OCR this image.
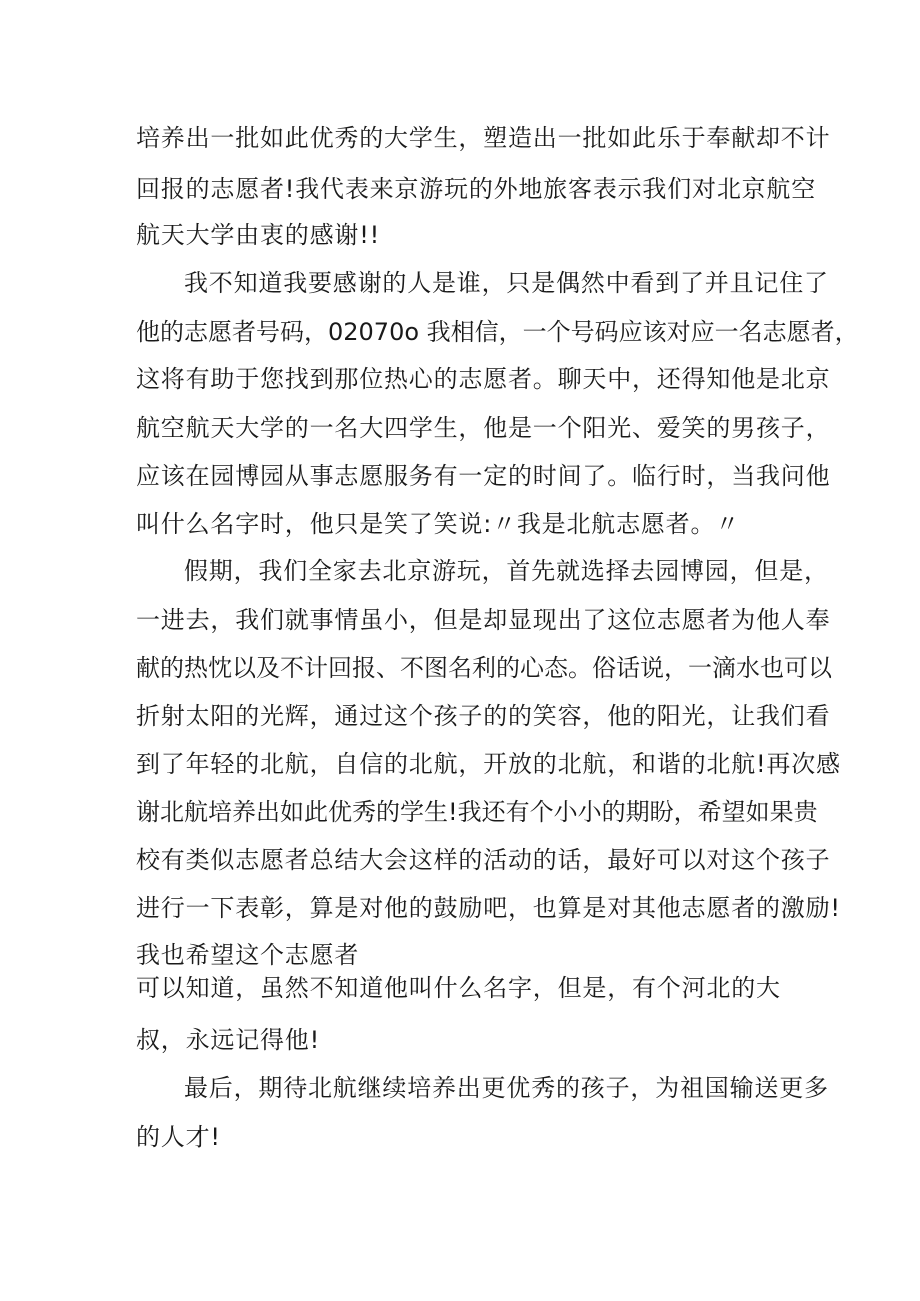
培养出一批如此优秀的大学生，塑造出一批如此乐于奉献却不计
回报的志愿者!我代表来京游玩的外地旅客表示我们对北京航空
航天大学由衷的感谢!!
我不知道我要感谢的人是谁，只是偶然中看到了并且记住了
他的志愿者号码，02070o 我相信，一个号码应该对应一名志愿者，
这将有助于您找到那位热心的志愿者。聊天中，还得知他是北京
航空航天大学的一名大四学生，他是一个阳光、爱笑的男孩子，
应该在园博园从事志愿服务有一定的时间了。临行时，当我问他
叫什么名字时，他只是笑了笑说:〃我是北航志愿者。〃
假期，我们全家去北京游玩，首先就选择去园博园，但是，
一进去，我们就事情虽小，但是却显现出了这位志愿者为他人奉
献的热忱以及不计回报、不图名利的心态。俗话说，一滴水也可以
折射太阳的光辉，通过这个孩子的的笑容，他的阳光，让我们看
到了年轻的北航，自信的北航，开放的北航，和谐的北航!再次感
谢北航培养出如此优秀的学生!我还有个小小的期盼，希望如果贵
校有类似志愿者总结大会这样的活动的话，最好可以对这个孩子
进行一下表彰，算是对他的鼓励吧，也算是对其他志愿者的激励!
我也希望这个志愿者
可以知道，虽然不知道他叫什么名字，但是，有个河北的大
叔，永远记得他!
最后，期待北航继续培养出更优秀的孩子，为祖国输送更多
的人才!
